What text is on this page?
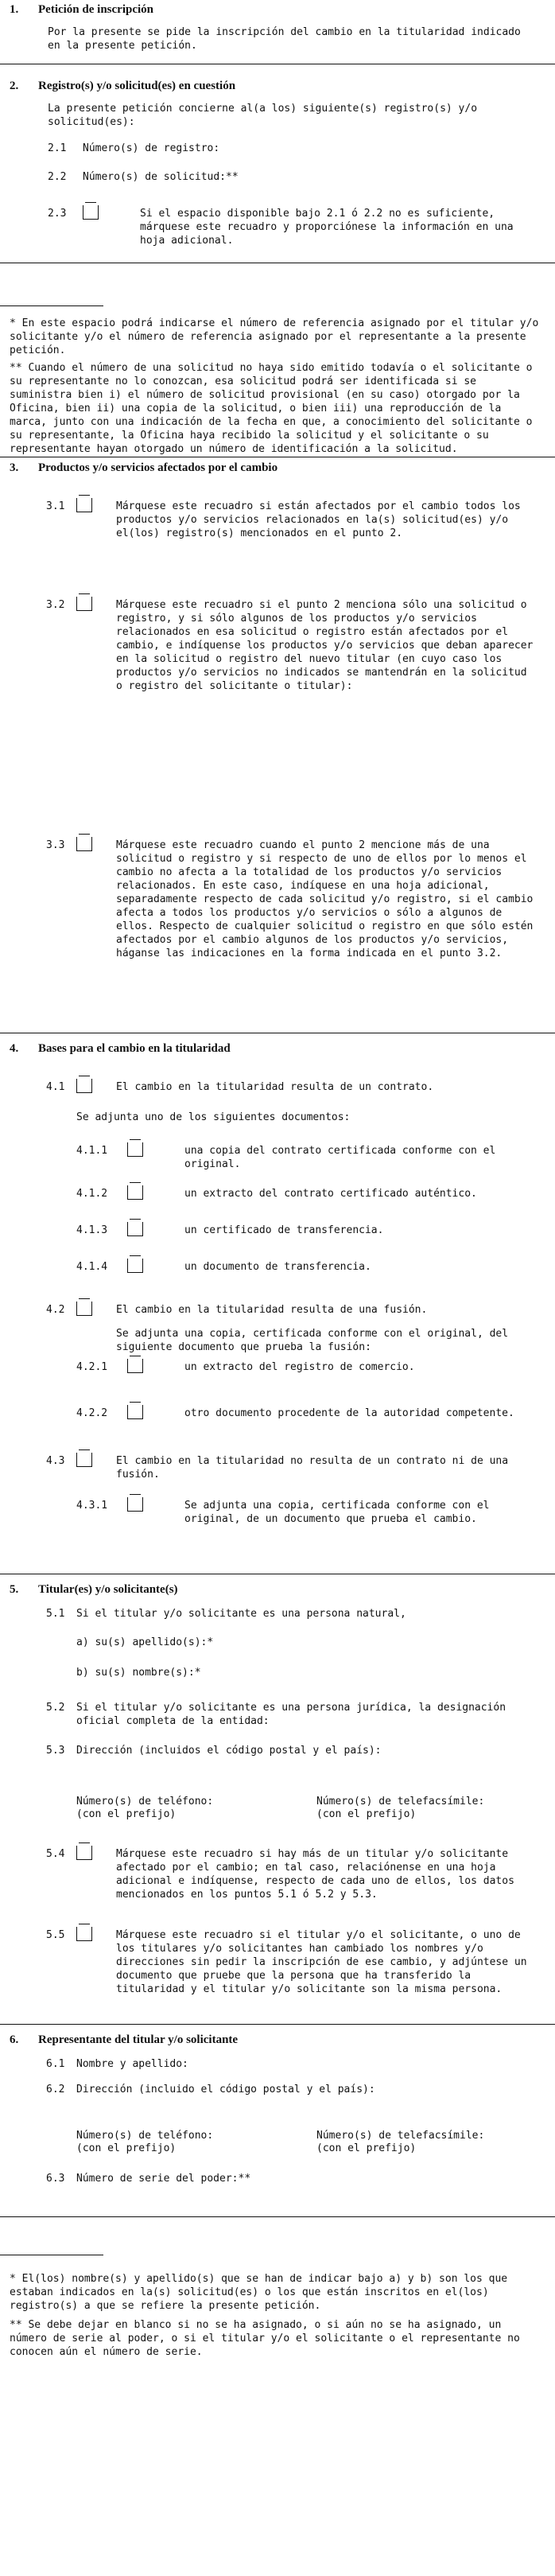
1. Petición de inscripción
Por la presente se pide la inscripción del cambio en la titularidad indicado en la presente petición.
2. Registro(s) y/o solicitud(es) en cuestión
La presente petición concierne al(a los) siguiente(s) registro(s) y/o solicitud(es):
2.1 Número(s) de registro:
2.2 Número(s) de solicitud:**
2.3	Si el espacio disponible bajo 2.1 ó 2.2 no es suficiente, márquese este recuadro y proporciónese la información en una hoja adicional.
* En este espacio podrá indicarse el número de referencia asignado por el titular y/o solicitante y/o el número de referencia asignado por el representante a la presente petición.
** Cuando el número de una solicitud no haya sido emitido todavía o el solicitante o su representante no lo conozcan, esa solicitud podrá ser identificada si se suministra bien i) el número de solicitud provisional (en su caso) otorgado por la Oficina, bien ii) una copia de la solicitud, o bien iii) una reproducción de la marca, junto con una indicación de la fecha en que, a conocimiento del solicitante o su representante, la Oficina haya recibido la solicitud y el solicitante o su representante hayan otorgado un número de identificación a la solicitud.
3. Productos y/o servicios afectados por el cambio
3.1	Márquese este recuadro si están afectados por el cambio todos los productos y/o servicios relacionados en la(s) solicitud(es) y/o el(los) registro(s) mencionados en el punto 2.
3.2	Márquese este recuadro si el punto 2 menciona sólo una solicitud o registro, y si sólo algunos de los productos y/o servicios relacionados en esa solicitud o registro están afectados por el cambio, e indíquense los productos y/o servicios que deban aparecer en la solicitud o registro del nuevo titular (en cuyo caso los productos y/o servicios no indicados se mantendrán en la solicitud o registro del solicitante o titular):
3.3	Márquese este recuadro cuando el punto 2 mencione más de una solicitud o registro y si respecto de uno de ellos por lo menos el cambio no afecta a la totalidad de los productos y/o servicios relacionados. En este caso, indíquese en una hoja adicional, separadamente respecto de cada solicitud y/o registro, si el cambio afecta a todos los productos y/o servicios o sólo a algunos de ellos. Respecto de cualquier solicitud o registro en que sólo estén afectados por el cambio algunos de los productos y/o servicios, háganse las indicaciones en la forma indicada en el punto 3.2.
4. Bases para el cambio en la titularidad
4.1	El cambio en la titularidad resulta de un contrato.
Se adjunta uno de los siguientes documentos:
4.1.1	una copia del contrato certificada conforme con el original.
4.1.2	un extracto del contrato certificado auténtico.
4.1.3	un certificado de transferencia.
4.1.4	un documento de transferencia.
4.2	El cambio en la titularidad resulta de una fusión.
Se adjunta una copia, certificada conforme con el original, del siguiente documento que prueba la fusión:
4.2.1	un extracto del registro de comercio.
4.2.2	otro documento procedente de la autoridad competente.
4.3	El cambio en la titularidad no resulta de un contrato ni de una fusión.
4.3.1	Se adjunta una copia, certificada conforme con el original, de un documento que prueba el cambio.
5. Titular(es) y/o solicitante(s)
5.1 Si el titular y/o solicitante es una persona natural,
a) su(s) apellido(s):*
b) su(s) nombre(s):*
5.2 Si el titular y/o solicitante es una persona jurídica, la designación oficial completa de la entidad:
5.3 Dirección (incluidos el código postal y el país):
Número(s) de teléfono:
(con el prefijo)
Número(s) de telefacsímile:
(con el prefijo)
5.4	Márquese este recuadro si hay más de un titular y/o solicitante afectado por el cambio; en tal caso, relaciónense en una hoja adicional e indíquense, respecto de cada uno de ellos, los datos mencionados en los puntos 5.1 ó 5.2 y 5.3.
5.5	Márquese este recuadro si el titular y/o el solicitante, o uno de los titulares y/o solicitantes han cambiado los nombres y/o direcciones sin pedir la inscripción de ese cambio, y adjúntese un documento que pruebe que la persona que ha transferido la titularidad y el titular y/o solicitante son la misma persona.
6. Representante del titular y/o solicitante
6.1 Nombre y apellido:
6.2 Dirección (incluido el código postal y el país):
Número(s) de teléfono:
(con el prefijo)
Número(s) de telefacsímile:
(con el prefijo)
6.3 Número de serie del poder:**
* El(los) nombre(s) y apellido(s) que se han de indicar bajo a) y b) son los que estaban indicados en la(s) solicitud(es) o los que están inscritos en el(los) registro(s) a que se refiere la presente petición.
** Se debe dejar en blanco si no se ha asignado, o si aún no se ha asignado, un número de serie al poder, o si el titular y/o el solicitante o el representante no conocen aún el número de serie.
